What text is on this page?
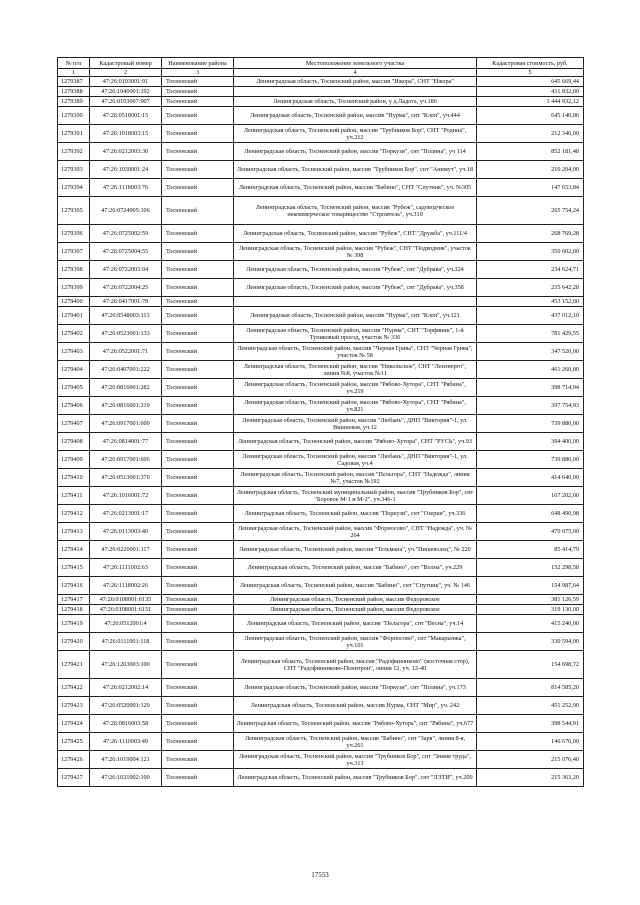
№ п/п	Кадастровый номер	Наименование района	Местоположение земельного участка	Кадастровая стоимость, руб.
1	2	3	4	5
1279387	47:26:0103001:91	Тосненский	Ленинградская область, Тосненский район, массив "Ижора", СНТ "Ижора"	645 669,44
1279388	47:26:1040001:192	Тосненский		431 832,00
1279389	47:26:0103007:907	Тосненский	Ленинградская область, Тосненский район, у д.Ладога, уч.186	1 444 932,12
1279390	47:26:0518001:15	Тосненский	Ленинградская область, Тосненский район, массив "Нурма", снт "Клен", уч.444	645 140,86
1279391	47:26:1018003:15	Тосненский	Ленинградская область, Тосненский район, массив "Трубников Бор", СНТ "Родина", уч.212	212 346,00
1279392	47:26:0212003:30	Тосненский	Ленинградская область, Тосненский район, массив "Поркузи", снт "Полина", уч 114	852 181,48
1279393	47:26:1030001:24	Тосненский	Ленинградская область, Тосненский район, массив "Трубников Бор", снт "Аннмут", уч.18	210 204,00
1279394	47:26:1118003:76	Тосненский	Ленинградская область, Тосненский район, массив "Бабино", СНТ "Спутник", уч. №305	147 653,84
1279395	47:26:0724005:106	Тосненский	Ленинградская область, Тосненский район, массив "Рубеж", садоводческое некоммерческое товарищество "Строитель", уч.310	265 754,24
1279396	47:26:0725002:59	Тосненский	Ленинградская область, Тосненский район, массив "Рубеж", СНТ "Дружба", уч.111/4	268 769,28
1279397	47:26:0725004:55	Тосненский	Ленинградская область, Тосненский район, массив "Рубеж", СНТ "Подводник", участок № 398	350 602,00
1279398	47:26:0722003:94	Тосненский	Ленинградская область, Тосненский район, массив "Рубеж", снт "Дубрава", уч.324	234 624,71
1279399	47:26:0722004:25	Тосненский	Ленинградская область, Тосненский район, массив "Рубеж", снт "Дубрава", уч.358	235 642,28
1279400	47:26:0417001:78	Тосненский		453 152,00
1279401	47:26:0548003:113	Тосненский	Ленинградская область, Тосненский район, массив "Нурма", снт "Клен", уч.121	437 012,10
1279402	47:26:0523001:133	Тосненский	Ленинградская область, Тосненский район, массив "Нурма", СНТ "Торфяник", 1-й Тупиковый проезд, участок № 336	781 429,55
1279403	47:26:0522001:71	Тосненский	Ленинградская область, Тосненский район, массив "Черная Грива", СНТ "Черная Грива", участок № 58	347 520,00
1279404	47:26:0407001:222	Тосненский	Ленинградская область, Тосненский район, массив "Никольское", СНТ "Ленэнерго", линия №8, участок №11	461 260,80
1279405	47:26:0816001:282	Тосненский	Ленинградская область, Тосненский район, массив "Рябово-Хутора", СНТ "Рябина", уч.219	398 714,94
1279406	47:26:0816001:319	Тосненский	Ленинградская область, Тосненский район, массив "Рябово-Хутора", СНТ "Рябина", уч.821	397 754,93
1279407	47:26:0917001:600	Тосненский	Ленинградская область, Тосненский район, массив "Любань", ДНП "Виктория"-1, ул. Вишневая, уч.12	739 880,00
1279408	47:26:0814001:77	Тосненский	Ленинградская область, Тосненский район, массив "Рябово-Хутора", СНТ "РУСЬ", уч.93	394 400,00
1279409	47:26:0917001:606	Тосненский	Ленинградская область, Тосненский район, массив "Любань", ДНП "Виктория"-1, ул. Садовая, уч.4	739 880,00
1279410	47:26:0513001:370	Тосненский	Ленинградская область, Тосненский район, массив "Пельгора", СНТ "Надежда", линия №7, участок №192	414 640,00
1279411	47:26:1016001:72	Тосненский	Ленинградская область, Тосненский муниципальный район, массив "Трубников Бор", снт "Боровое М-1 и М-2", уч.346-1	167 202,00
1279412	47:26:0213001:17	Тосненский	Ленинградская область, Тосненский район, массив "Поркузи", снт "Озерки", уч.336	648 490,98
1279413	47:26:0113003:40	Тосненский	Ленинградская область, Тосненский район, массив "Форносово", СНТ "Надежда", уч. № 264	470 075,00
1279414	47:26:0220001:117	Тосненский	Ленинградская область, Тосненский район, массив "Тельмана", уч."Пишеволец", № 220	85 414,79
1279415	47:26:1111002:63	Тосненский	Ленинградская область, Тосненский район, массив "Бабино", снт "Волна", уч.229	152 298,58
1279416	47:26:1118002:26	Тосненский	Ленинградская область, Тосненский район, массив "Бабино", снт "Спутник", уч. № 146	154 987,64
1279417	47:26:0108001:6135	Тосненский	Ленинградская область, Тосненский район, массив Федоровское	381 126,59
1279418	47:26:0108001:6151	Тосненский	Ленинградская область, Тосненский район, массив Федоровское	319 130,00
1279419	47:26:0512001:4	Тосненский	Ленинградская область, Тосненский район, массив "Пельгора", снт "Весна", уч.14	415 240,00
1279420	47:26:0111001:118	Тосненский	Ленинградская область, Тосненский район, массив "Форносово", снт "Макарьевка", уч.101	330 594,00
1279421	47:26:1203003:100	Тосненский	Ленинградская область, Тосненский район, массив "Радофинниково" (восточная стор), СНТ "Радофинниково-Поннтрон", линия 12, уч. 12-40	154 698,72
1279422	47:26:0212002:14	Тосненский	Ленинградская область, Тосненский район, массив "Поркузи", снт "Полина", уч.173	814 585,20
1279423	47:26:0520001:129	Тосненский	Ленинградская область, Тосненский район, массив Нурма, СНТ "Мир", уч. 242	451 252,90
1279424	47:26:0816003:58	Тосненский	Ленинградская область, Тосненский район, массив "Рябово-Хутора", снт "Рябина", уч.677	398 544,91
1279425	47:26:1110003:49	Тосненский	Ленинградская область, Тосненский район, массив "Бабино", снт "Заря", линия 8-я, уч.261	146 676,00
1279426	47:26:1019004:121	Тосненский	Ленинградская область, Тосненский район, массив "Трубников Бор", снт "Знамя труда", уч.313	215 076,40
1279427	47:26:1021002:100	Тосненский	Ленинградская область, Тосненский район, массив "Трубников Бор", снт "ЛЭТИ", уч.200	215 363,20
17553
